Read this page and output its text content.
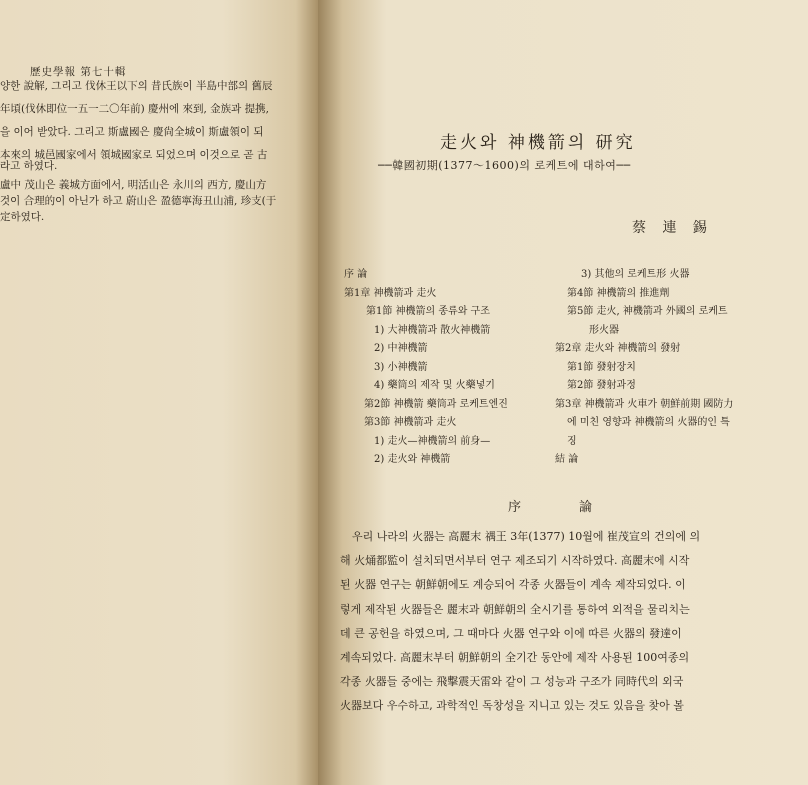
歷史學報 第七十輯
양한 說解, 그리고 伐休王以下의 昔氏族이 半島中部의 舊辰
年頃(伐休即位一五一二〇年前) 慶州에 來到, 金族과 提携,
을 이어 받았다. 그리고 斯盧國은 慶尙全城이 斯盧領이 되
本來의 城邑國家에서 領城國家로 되었으며 이것으로 곧 古
라고 하였다.
盧中 茂山은 義城方面에서, 明活山은 永川의 西方, 慶山方
것이 合理的이 아닌가 하고 蔚山은 盈德寧海丑山浦, 珍支(于
定하였다.
走火와 神機箭의 研究
──韓國初期(1377～1600)의 로케트에 대하여──
蔡 連 錫
序 論
第1章 神機箭과 走火
第1節 神機箭의 종류와 구조
1) 大神機箭과 散火神機箭
2) 中神機箭
3) 小神機箭
4) 藥筒의 제작 및 火藥넣기
第2節 神機箭 藥筒과 로케트엔진
第3節 神機箭과 走火
1) 走火—神機箭의 前身—
2) 走火와 神機箭
3) 其他의 로케트形 火器
第4節 神機箭의 推進劑
第5節 走火, 神機箭과 外國의 로케트
形火器
第2章 走火와 神機箭의 發射
第1節 發射장치
第2節 發射과정
第3章 神機箭과 火車가 朝鮮前期 國防力
에 미친 영향과 神機箭의 火器的인 특
징
結 論
序	論
우리 나라의 火器는 高麗末 禑王 3年(1377) 10월에 崔茂宣의 건의에 의
해 火㷁都監이 설치되면서부터 연구 제조되기 시작하였다. 高麗末에 시작
된 火器 연구는 朝鮮朝에도 계승되어 각종 火器들이 계속 제작되었다. 이
렇게 제작된 火器들은 麗末과 朝鮮朝의 全시기를 통하여 외적을 물리치는
데 큰 공헌을 하였으며, 그 때마다 火器 연구와 이에 따른 火器의 發達이
계속되었다. 高麗末부터 朝鮮朝의 全기간 동안에 제작 사용된 100여종의
각종 火器들 중에는 飛擊震天雷와 같이 그 성능과 구조가 同時代의 외국
火器보다 우수하고, 과학적인 독창성을 지니고 있는 것도 있음을 찾아 볼
